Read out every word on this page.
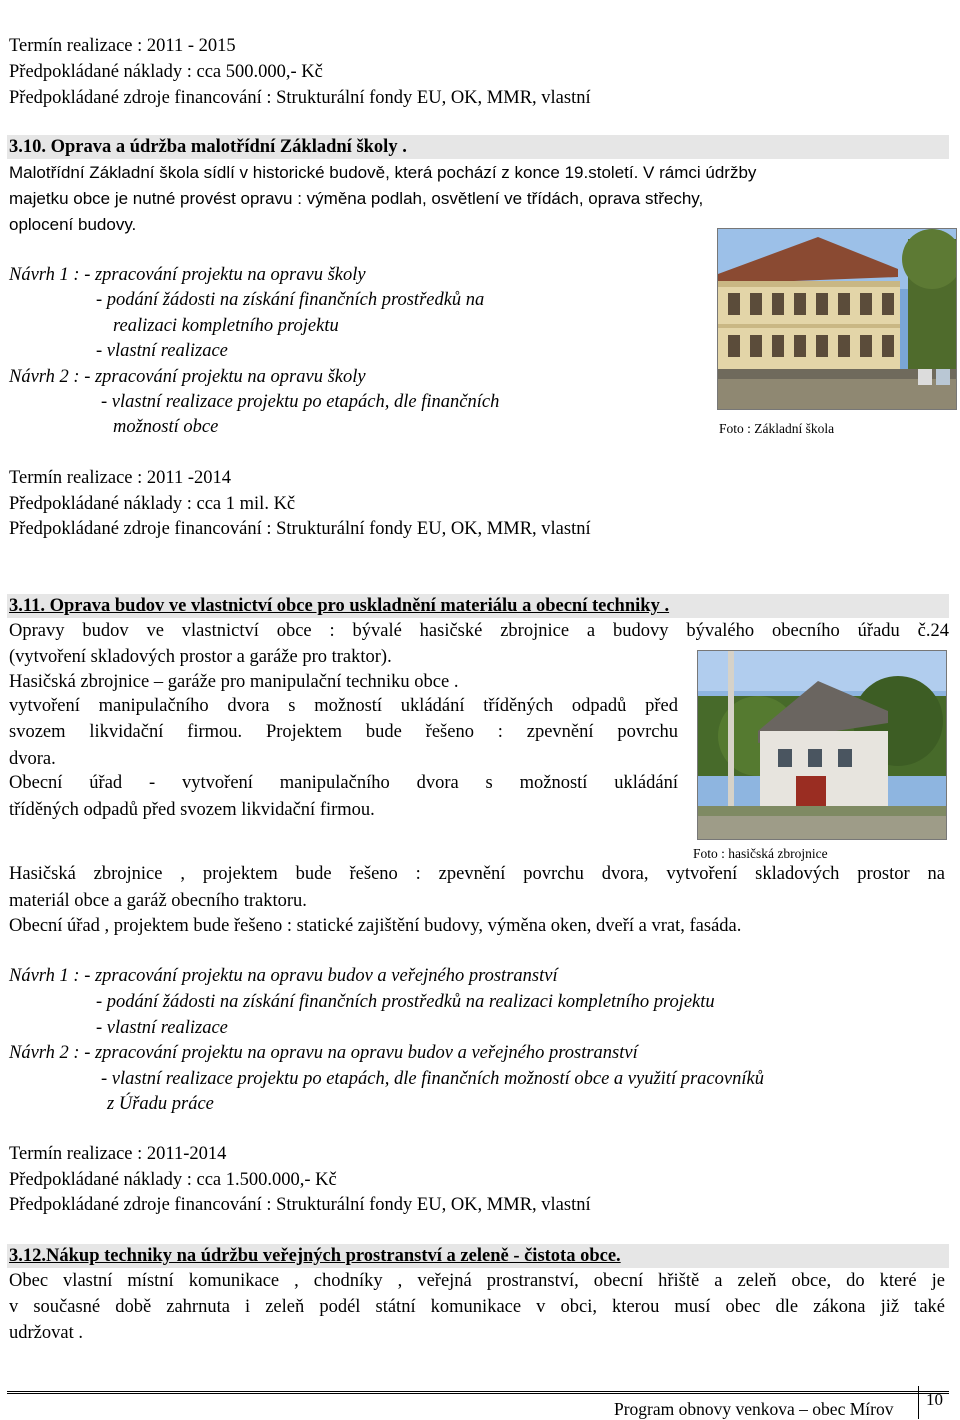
Termín realizace : 2011 - 2015
Předpokládané náklady : cca 500.000,- Kč
Předpokládané zdroje financování : Strukturální fondy EU, OK, MMR, vlastní
3.10. Oprava a údržba malotřídní Základní školy .
Malotřídní Základní škola sídlí v historické budově, která pochází z konce 19.století. V rámci údržby
majetku obce je nutné provést opravu : výměna podlah, osvětlení ve třídách, oprava střechy,
oplocení budovy.
Návrh 1 : - zpracování projektu na opravu školy
- podání žádosti na získání finančních prostředků na
realizaci kompletního projektu
- vlastní realizace
Návrh 2 : - zpracování projektu na opravu školy
- vlastní realizace projektu po etapách, dle finančních
možností obce	Foto : Základní škola
Termín realizace : 2011 -2014
Předpokládané náklady : cca 1 mil. Kč
Předpokládané zdroje financování : Strukturální fondy EU, OK, MMR, vlastní
3.11. Oprava budov ve vlastnictví obce pro uskladnění materiálu a obecní techniky .
Opravy budov ve vlastnictví obce : bývalé hasičské zbrojnice a budovy bývalého obecního úřadu č.24
(vytvoření skladových prostor a garáže pro traktor).
Hasičská zbrojnice – garáže pro manipulační techniku obce .
vytvoření manipulačního dvora s možností ukládání tříděných odpadů před
svozem likvidační firmou. Projektem bude řešeno : zpevnění povrchu
dvora.
Obecní úřad - vytvoření manipulačního dvora s možností ukládání
tříděných odpadů před svozem likvidační firmou.
Foto : hasičská zbrojnice
Hasičská zbrojnice , projektem bude řešeno : zpevnění povrchu dvora, vytvoření skladových prostor na
materiál obce a garáž obecního traktoru.
Obecní úřad , projektem bude řešeno : statické zajištění budovy, výměna oken, dveří a vrat, fasáda.
Návrh 1 : - zpracování projektu na opravu budov a veřejného prostranství
- podání žádosti na získání finančních prostředků na realizaci kompletního projektu
- vlastní realizace
Návrh 2 : - zpracování projektu na opravu na opravu budov a veřejného prostranství
- vlastní realizace projektu po etapách, dle finančních možností obce a využití pracovníků
z Úřadu práce
Termín realizace : 2011-2014
Předpokládané náklady : cca 1.500.000,- Kč
Předpokládané zdroje financování : Strukturální fondy EU, OK, MMR, vlastní
3.12.Nákup techniky na údržbu veřejných prostranství a zeleně - čistota obce.
Obec vlastní místní komunikace , chodníky , veřejná prostranství, obecní hřiště a zeleň obce, do které je
v současné době zahrnuta i zeleň podél státní komunikace v obci, kterou musí obec dle zákona již také
udržovat .
Program obnovy venkova – obec Mírov 10
